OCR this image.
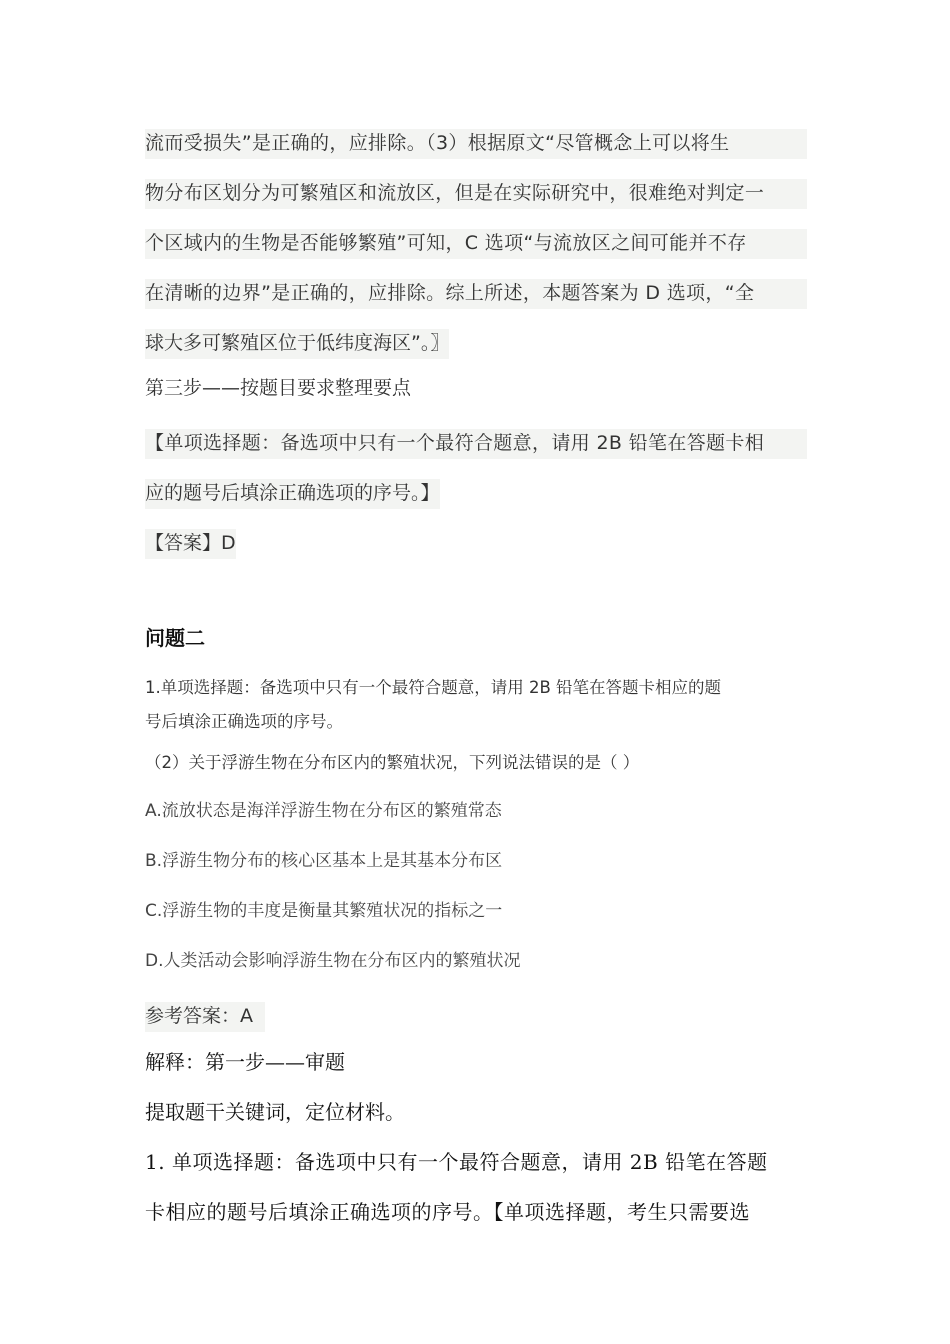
流而受损失”是正确的，应排除。（3）根据原文“尽管概念上可以将生
物分布区划分为可繁殖区和流放区，但是在实际研究中，很难绝对判定一
个区域内的生物是否能够繁殖”可知，C 选项“与流放区之间可能并不存
在清晰的边界”是正确的，应排除。综上所述，本题答案为 D 选项，“全
球大多可繁殖区位于低纬度海区”。〗
第三步——按题目要求整理要点
【单项选择题：备选项中只有一个最符合题意，请用 2B 铅笔在答题卡相
应的题号后填涂正确选项的序号。】
【答案】D
问题二
1.单项选择题：备选项中只有一个最符合题意，请用 2B 铅笔在答题卡相应的题
号后填涂正确选项的序号。
（2）关于浮游生物在分布区内的繁殖状况，下列说法错误的是（ ）
A.流放状态是海洋浮游生物在分布区的繁殖常态
B.浮游生物分布的核心区基本上是其基本分布区
C.浮游生物的丰度是衡量其繁殖状况的指标之一
D.人类活动会影响浮游生物在分布区内的繁殖状况
参考答案：A
解释：第一步——审题
提取题干关键词，定位材料。
1. 单项选择题：备选项中只有一个最符合题意，请用 2B 铅笔在答题
卡相应的题号后填涂正确选项的序号。【单项选择题，考生只需要选
